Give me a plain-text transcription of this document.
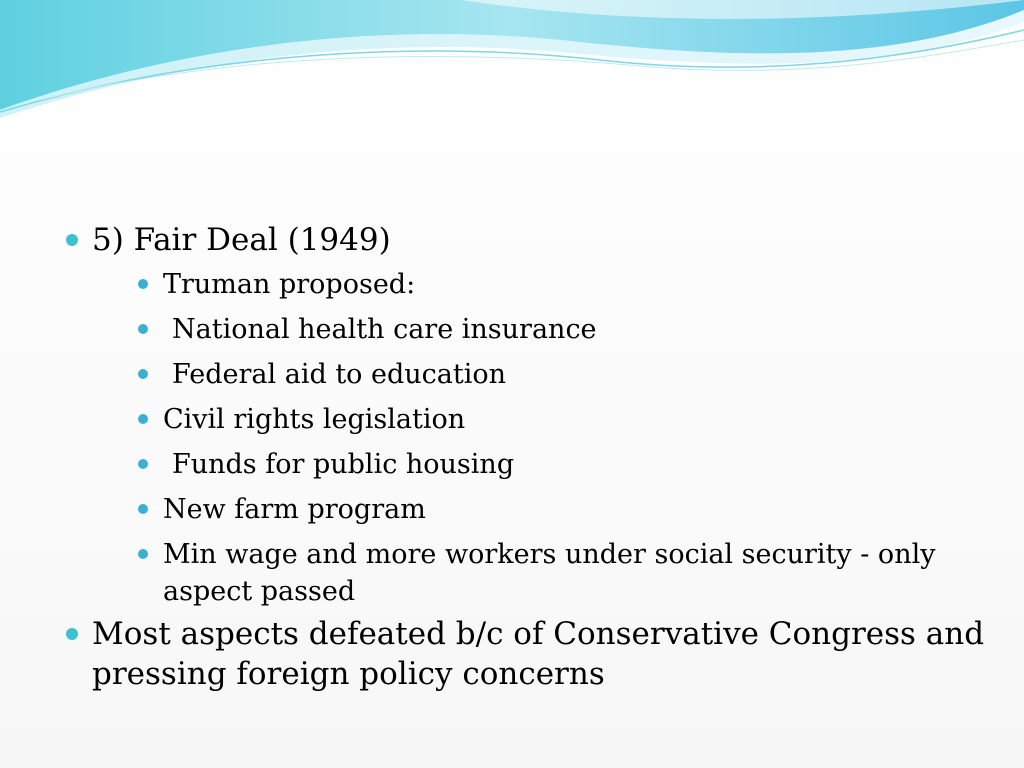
5) Fair Deal (1949)
Truman proposed:
National health care insurance
Federal aid to education
Civil rights legislation
Funds for public housing
New farm program
Min wage and more workers under social security - only aspect passed
Most aspects defeated b/c of Conservative Congress and pressing foreign policy concerns
